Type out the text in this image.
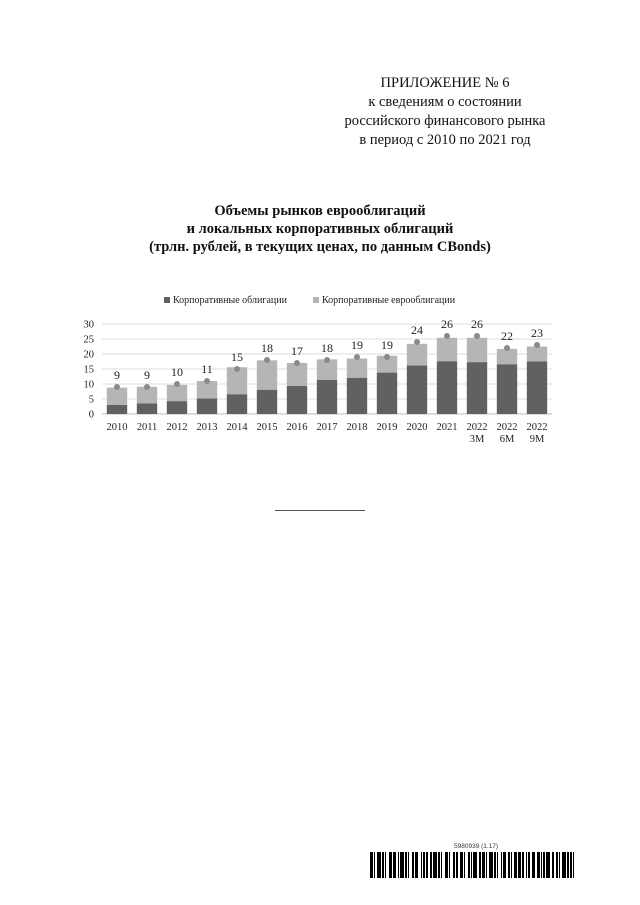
ПРИЛОЖЕНИЕ № 6
к сведениям о состоянии
российского финансового рынка
в период с 2010 по 2021 год
Объемы рынков еврооблигаций
и локальных корпоративных облигаций
(трлн. рублей, в текущих ценах, по данным CBonds)
Корпоративные облигации	Корпоративные еврооблигации
0
5
10
15
20
25
30
9
2010
9
2011
10
2012
11
2013
15
2014
18
2015
17
2016
18
2017
19
2018
19
2019
24
2020
26
2021
26
2022 3M
22
2022 6M
23
2022 9M
5980939 (1.17)
